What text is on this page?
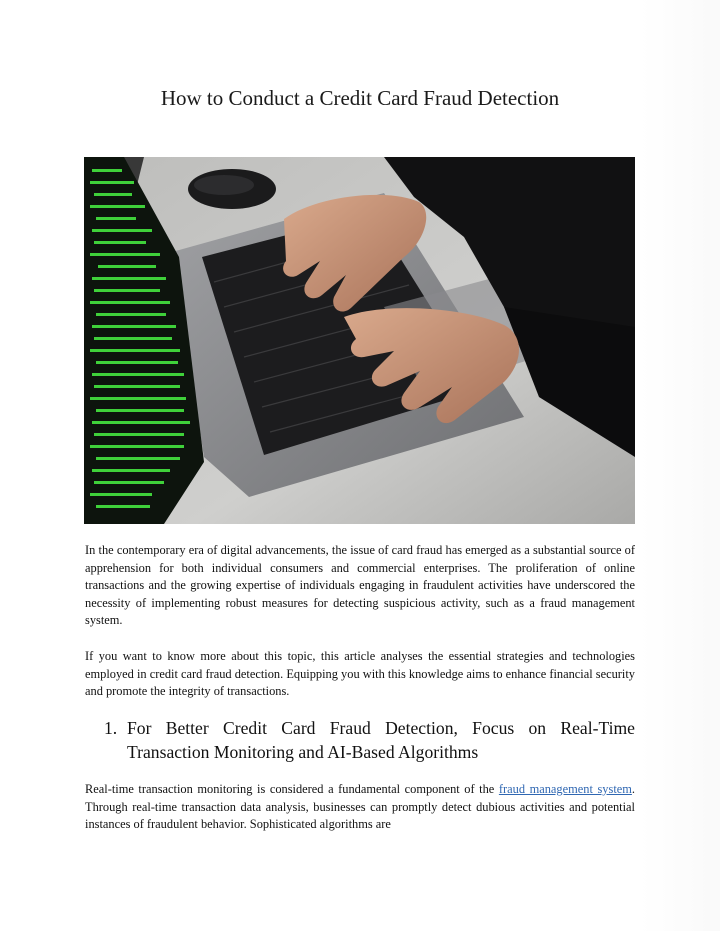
How to Conduct a Credit Card Fraud Detection

In the contemporary era of digital advancements, the issue of card fraud has emerged as a substantial source of apprehension for both individual consumers and commercial enterprises. The proliferation of online transactions and the growing expertise of individuals engaging in fraudulent activities have underscored the necessity of implementing robust measures for detecting suspicious activity, such as a fraud management system.

If you want to know more about this topic, this article analyses the essential strategies and technologies employed in credit card fraud detection. Equipping you with this knowledge aims to enhance financial security and promote the integrity of transactions.

1. For Better Credit Card Fraud Detection, Focus on Real-Time Transaction Monitoring and AI-Based Algorithms

Real-time transaction monitoring is considered a fundamental component of the fraud management system. Through real-time transaction data analysis, businesses can promptly detect dubious activities and potential instances of fraudulent behavior. Sophisticated algorithms are
